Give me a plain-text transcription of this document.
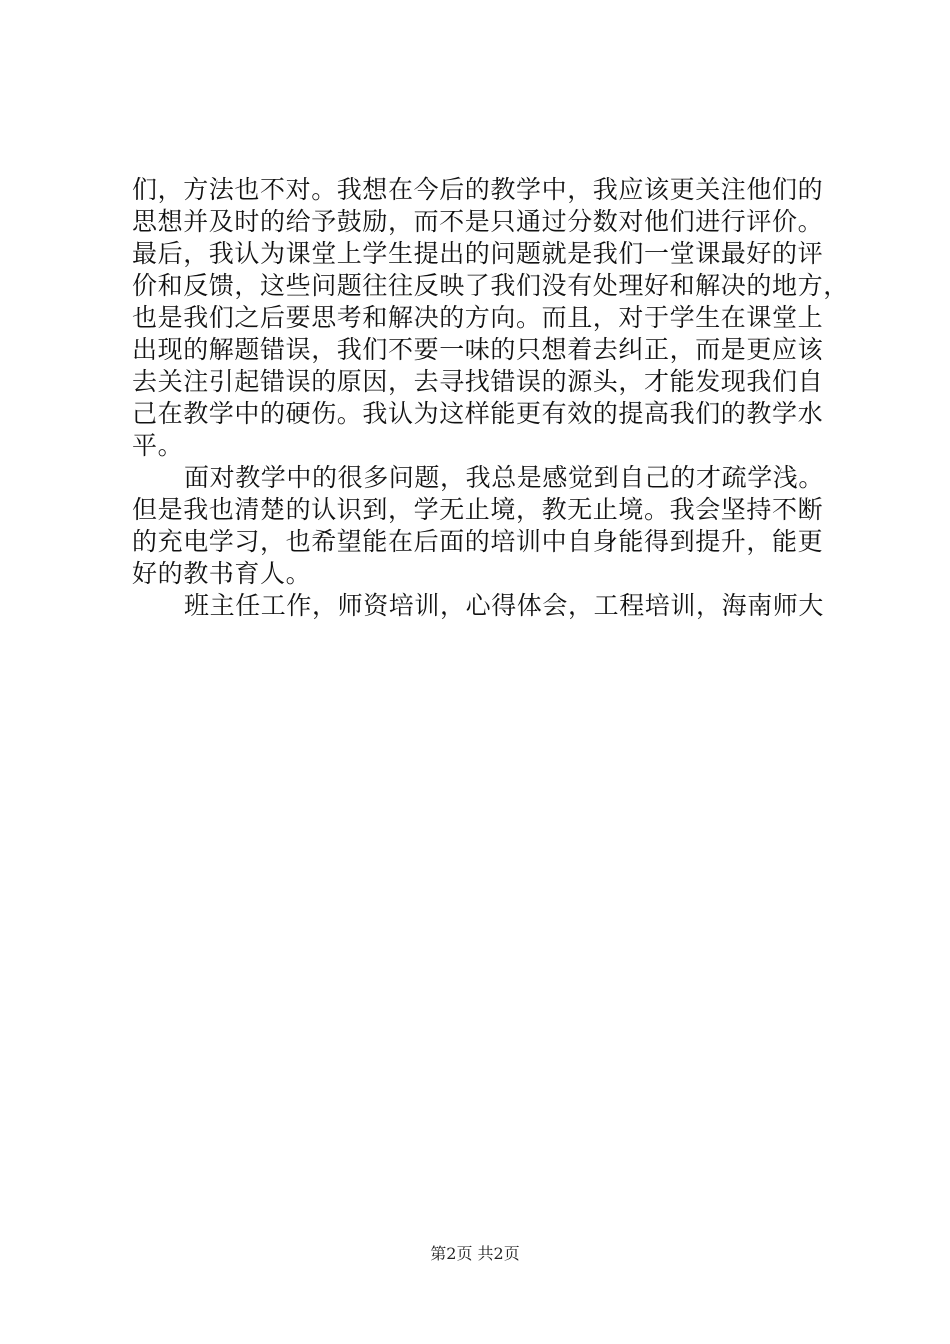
们，方法也不对。我想在今后的教学中，我应该更关注他们的
思想并及时的给予鼓励，而不是只通过分数对他们进行评价。
最后，我认为课堂上学生提出的问题就是我们一堂课最好的评
价和反馈，这些问题往往反映了我们没有处理好和解决的地方，
也是我们之后要思考和解决的方向。而且，对于学生在课堂上
出现的解题错误，我们不要一味的只想着去纠正，而是更应该
去关注引起错误的原因，去寻找错误的源头，才能发现我们自
己在教学中的硬伤。我认为这样能更有效的提高我们的教学水
平。
面对教学中的很多问题，我总是感觉到自己的才疏学浅。
但是我也清楚的认识到，学无止境，教无止境。我会坚持不断
的充电学习，也希望能在后面的培训中自身能得到提升，能更
好的教书育人。
班主任工作，师资培训，心得体会，工程培训，海南师大
第2页 共2页
